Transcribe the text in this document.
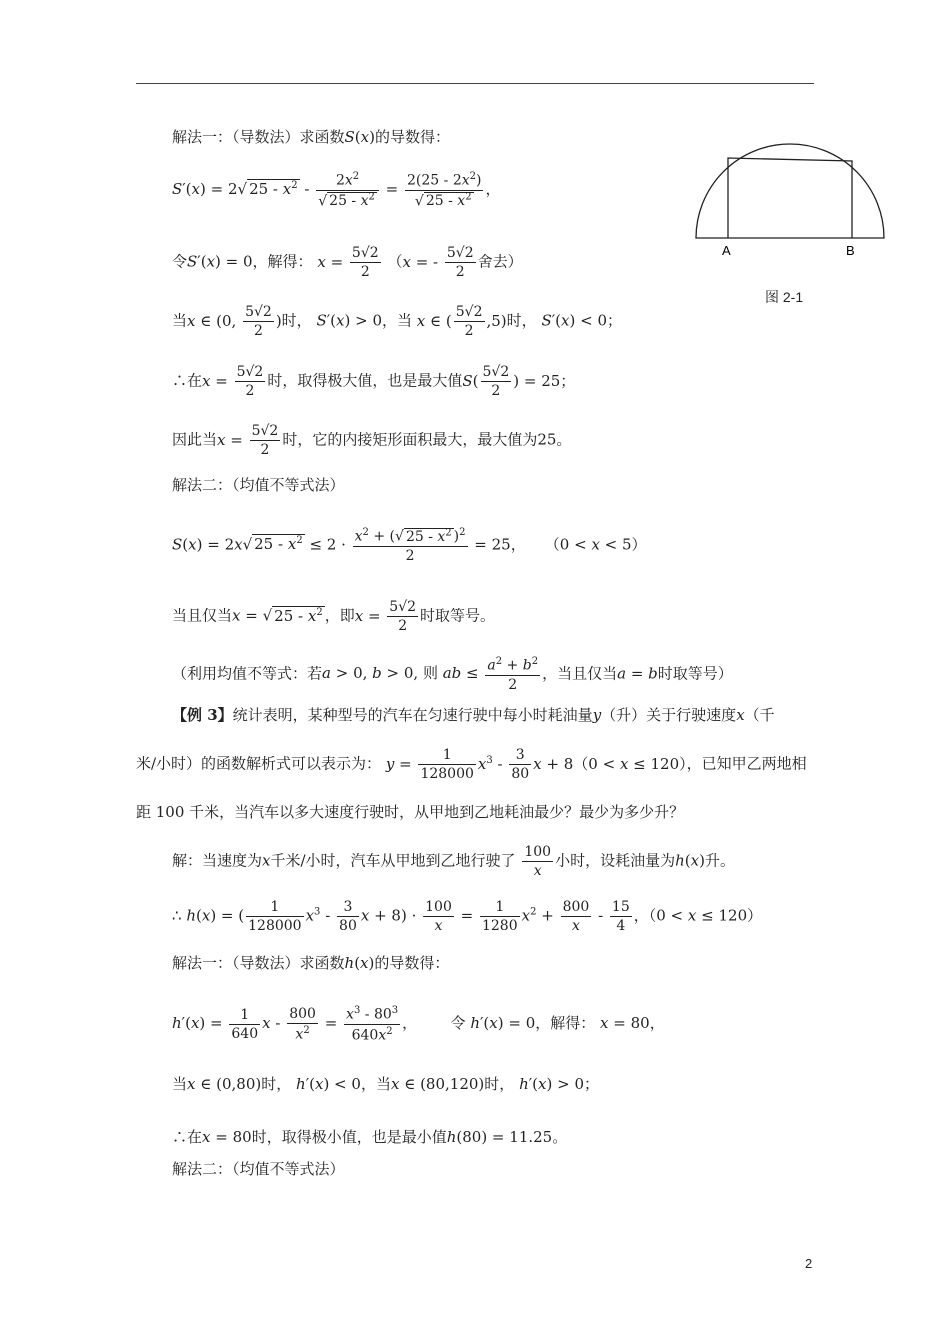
A	B
图 2-1
解法一：（导数法）求函数S(x)的导数得：
S′(x) = 2√ $25 - x^2 - \frac{2x^2}{√ 25 - x^2} = \frac{2(25 - 2x^2)}{√ 25 - x^2}$ ，
令S′(x) = 0，解得： $x = \frac{5√2}{2} (x$ = - $\frac{5√2}{2}$ 舍去）
当x ∈ (0, $\frac{5√2}{2}$ )时， S′(x) > 0，当 x ∈ ( $\frac{5√2}{2} ,5$)时， S′(x) < 0；
∴在$x = \frac{5√2}{2}$ 时，取得极大值，也是最大值$S( \frac{5√2}{2}$ ) = 25；
因此当$x = \frac{5√2}{2}$ 时，它的内接矩形面积最大，最大值为25。
解法二：（均值不等式法）
S(x) = 2x√ $25 - x^2 \le 2 \cdot \frac{x^2 + (√ 25 - x^2 )^2}{2} = 25$，    （0 < x < 5）
当且仅当x = √ $25 - x^2$ ，即$x = \frac{5√2}{2}$ 时取等号。
（利用均值不等式：若a > 0, b > 0, 则 ab ≤ $\frac{a^2 + b^2}{2}$ ，当且仅当a = b时取等号）
【例 3】统计表明，某种型号的汽车在匀速行驶中每小时耗油量y（升）关于行驶速度x（千
米/小时）的函数解析式可以表示为： $y = \frac{1}{128000} x^3 - \frac{3}{80}$ x + 8（0 < x ≤ 120），已知甲乙两地相
距 100 千米，当汽车以多大速度行驶时，从甲地到乙地耗油最少？最少为多少升？
解：当速度为x千米/小时，汽车从甲地到乙地行驶了 $\frac{100}{x}$ 小时，设耗油量为h(x)升。
∴ h(x) = ( $\frac{1}{128000} x^3 - \frac{3}{80}$ $x + 8) \cdot \frac{100}{x} = \frac{1}{1280} x^2 + \frac{800}{x} - \frac{15}{4}$ ，（0 < x ≤ 120）
解法一：（导数法）求函数h(x)的导数得：
$h'(x) = \frac{1}{640}$ $x - \frac{800}{x^2} = \frac{x^3 - 80^3}{640x^2}$ ，       令 h′(x) = 0，解得： x = 80，
当x ∈ (0,80)时， h′(x) < 0，当x ∈ (80,120)时， h′(x) > 0；
∴在x = 80时，取得极小值，也是最小值h(80) = 11.25。
解法二：（均值不等式法）
2
